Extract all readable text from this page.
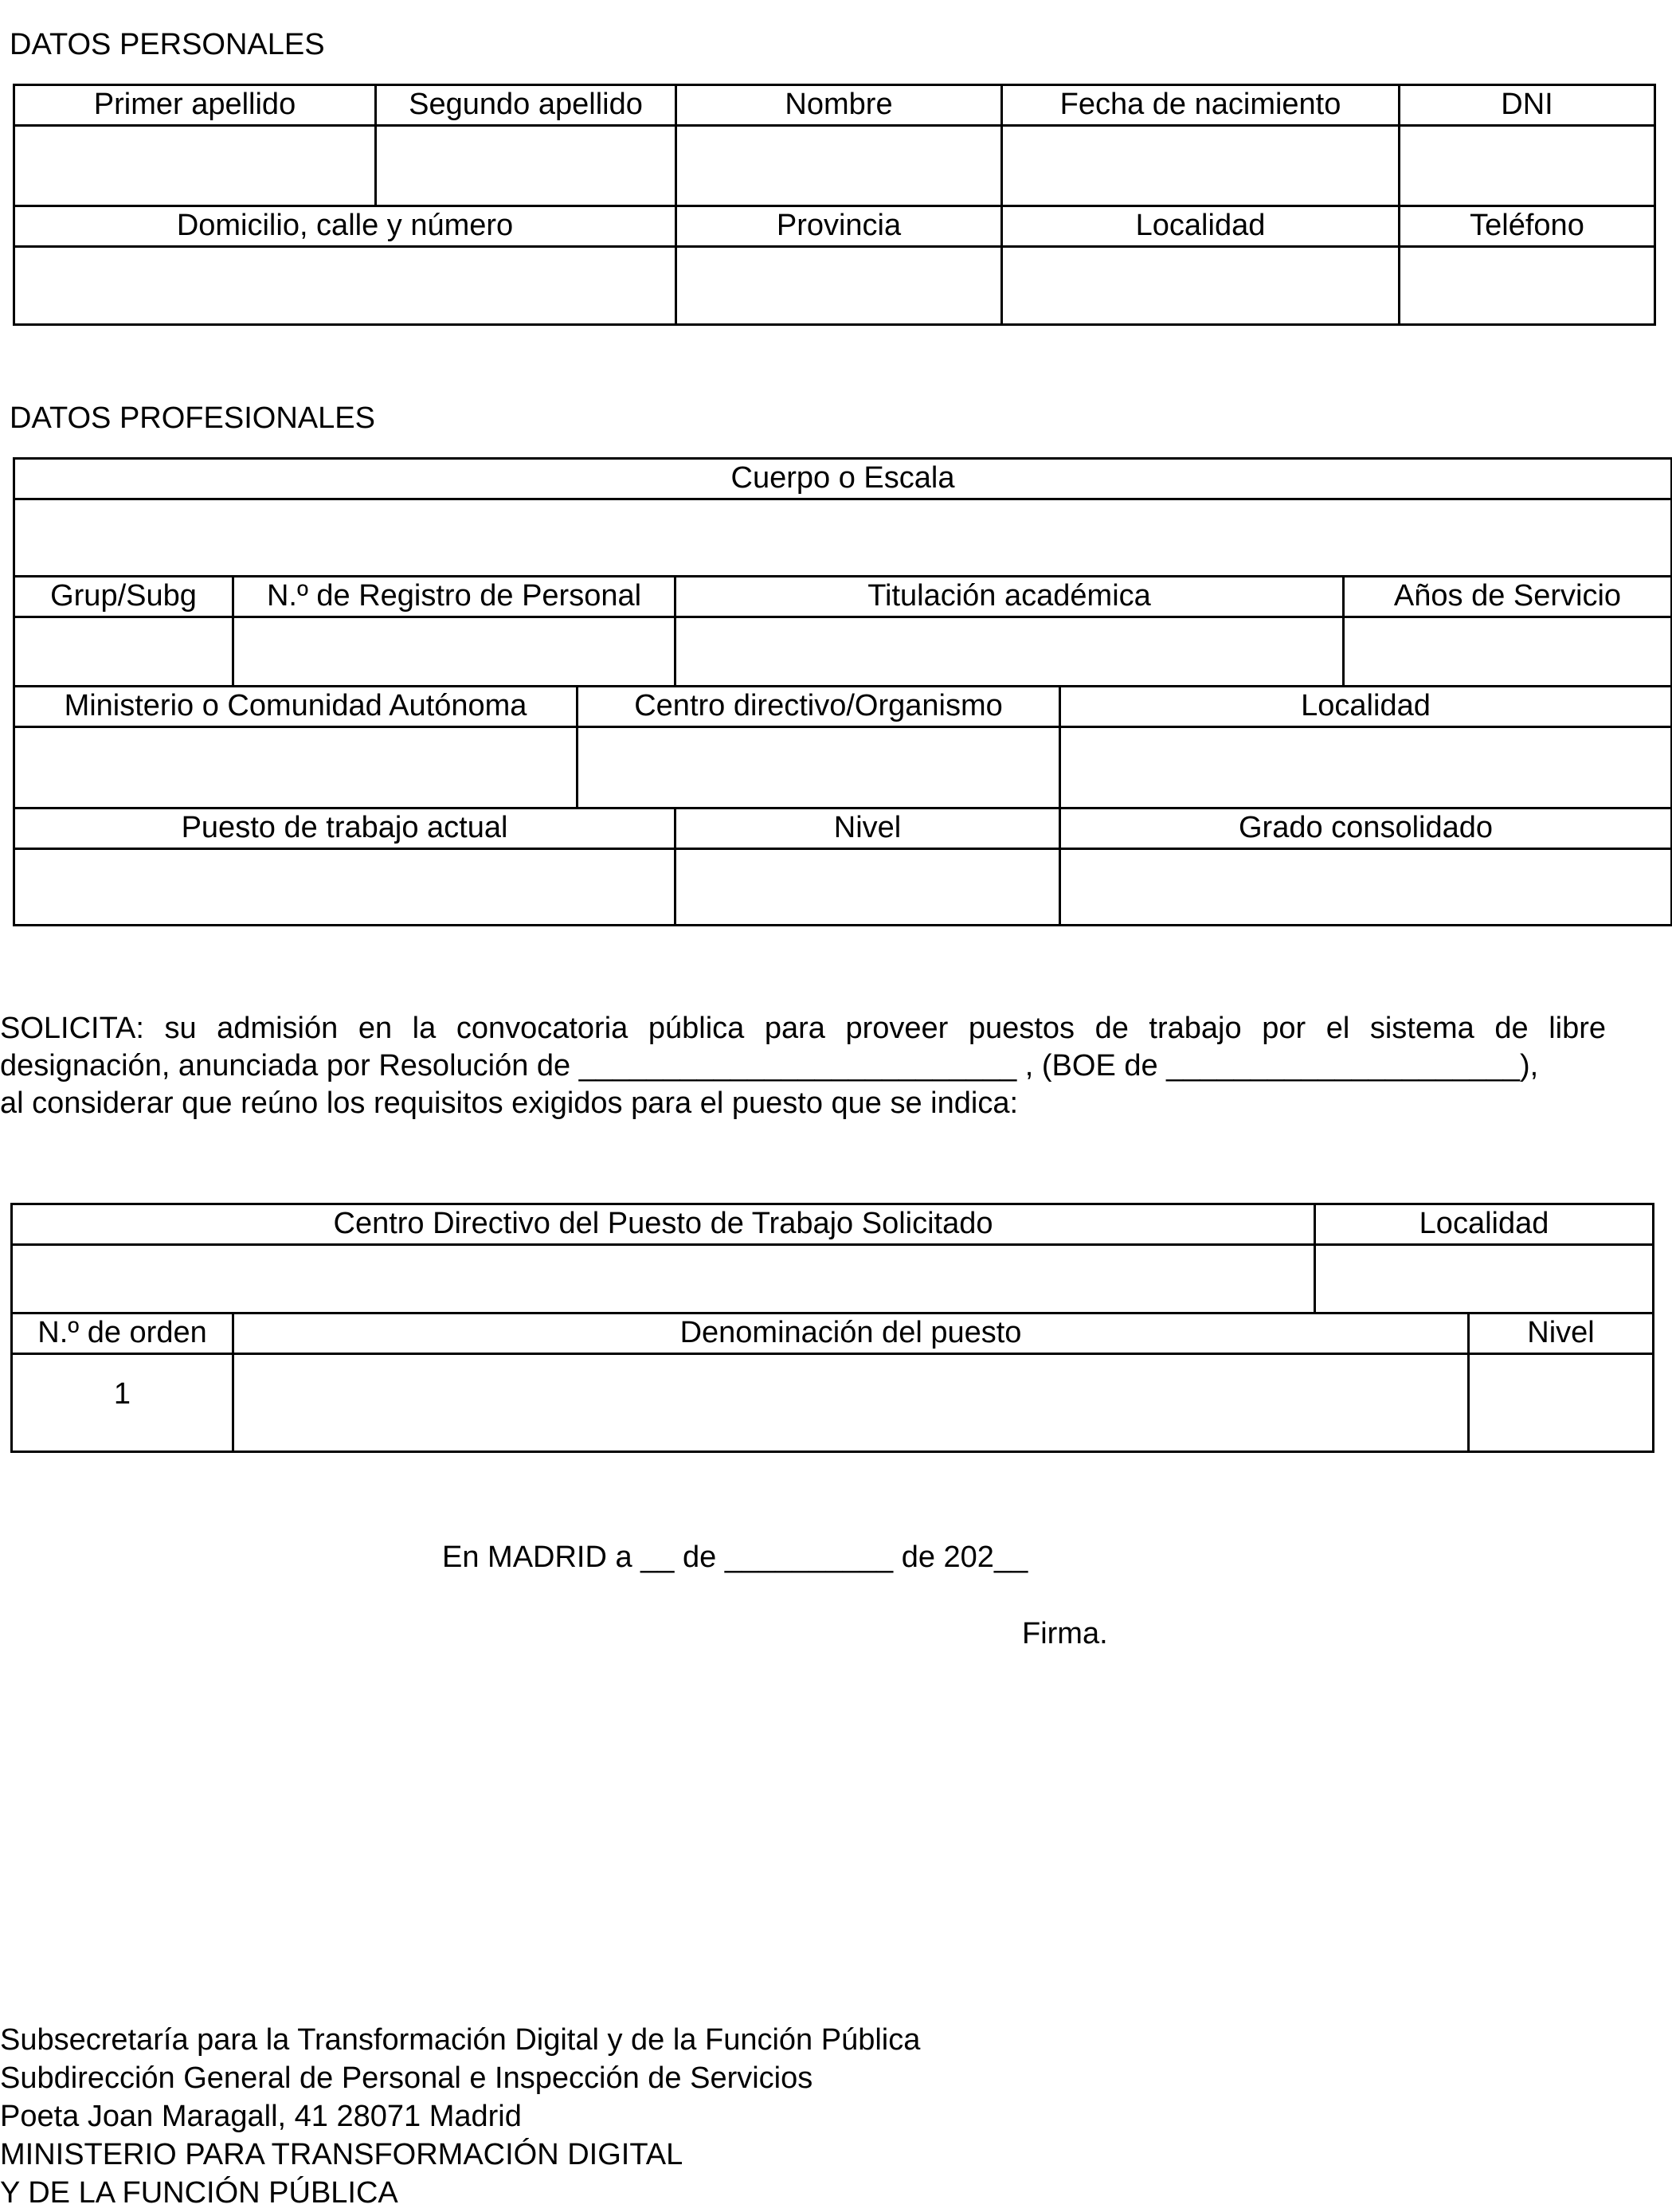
DATOS PERSONALES
Primer apellido	Segundo apellido	Nombre	Fecha de nacimiento	DNI

Domicilio, calle y número		Provincia	Localidad	Teléfono

DATOS PROFESIONALES
Cuerpo o Escala					

Grup/Subg	N.º de Registro de Personal		Titulación académica		Años de Servicio

Ministerio o Comunidad Autónoma		Centro directivo/Organismo		Localidad	

Puesto de trabajo actual			Nivel	Grado consolidado	

SOLICITA: su admisión en la convocatoria pública para proveer puestos de trabajo por el sistema de libre
designación, anunciada por Resolución de __________________________ , (BOE de _____________________),
al considerar que reúno los requisitos exigidos para el puesto que se indica:
Centro Directivo del Puesto de Trabajo Solicitado		Localidad	

N.º de orden	Denominación del puesto		Nivel
1			
En MADRID a __ de __________ de 202__
Firma.
Subsecretaría para la Transformación Digital y de la Función Pública
Subdirección General de Personal e Inspección de Servicios
Poeta Joan Maragall, 41 28071 Madrid
MINISTERIO PARA TRANSFORMACIÓN DIGITAL
Y DE LA FUNCIÓN PÚBLICA
